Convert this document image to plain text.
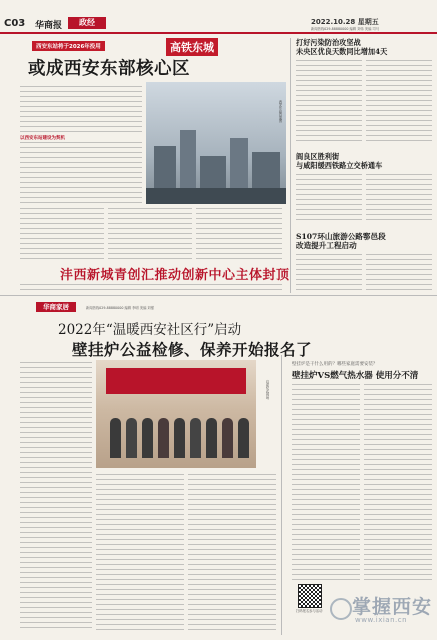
C03 华商报	政经	2022.10.28 星期五
新闻热线029-88880000 编辑 刘伟 美编 司马
西安东站将于2026年投用	高铁东城
或成西安东部核心区
以西安东站建设为契机
西安东站效果图
沣西新城青创汇推动创新中心主体封顶
打好污染防治攻坚战
未央区优良天数同比增加4天
阎良区胜利街
与咸阳缓西铁路立交桥通车
S107环山旅游公路鄠邑段
改造提升工程启动
华商家居	新闻热线029-88880000 编辑 李明 美编 刘强
2022年“温暖西安社区行”启动
壁挂炉公益检修、保养开始报名了
启动仪式现场
壁挂炉是干什么用的？哪些家庭需要安装？
壁挂炉VS燃气热水器 使用分不清
扫码报名参与活动	掌握西安
www.ixian.cn
